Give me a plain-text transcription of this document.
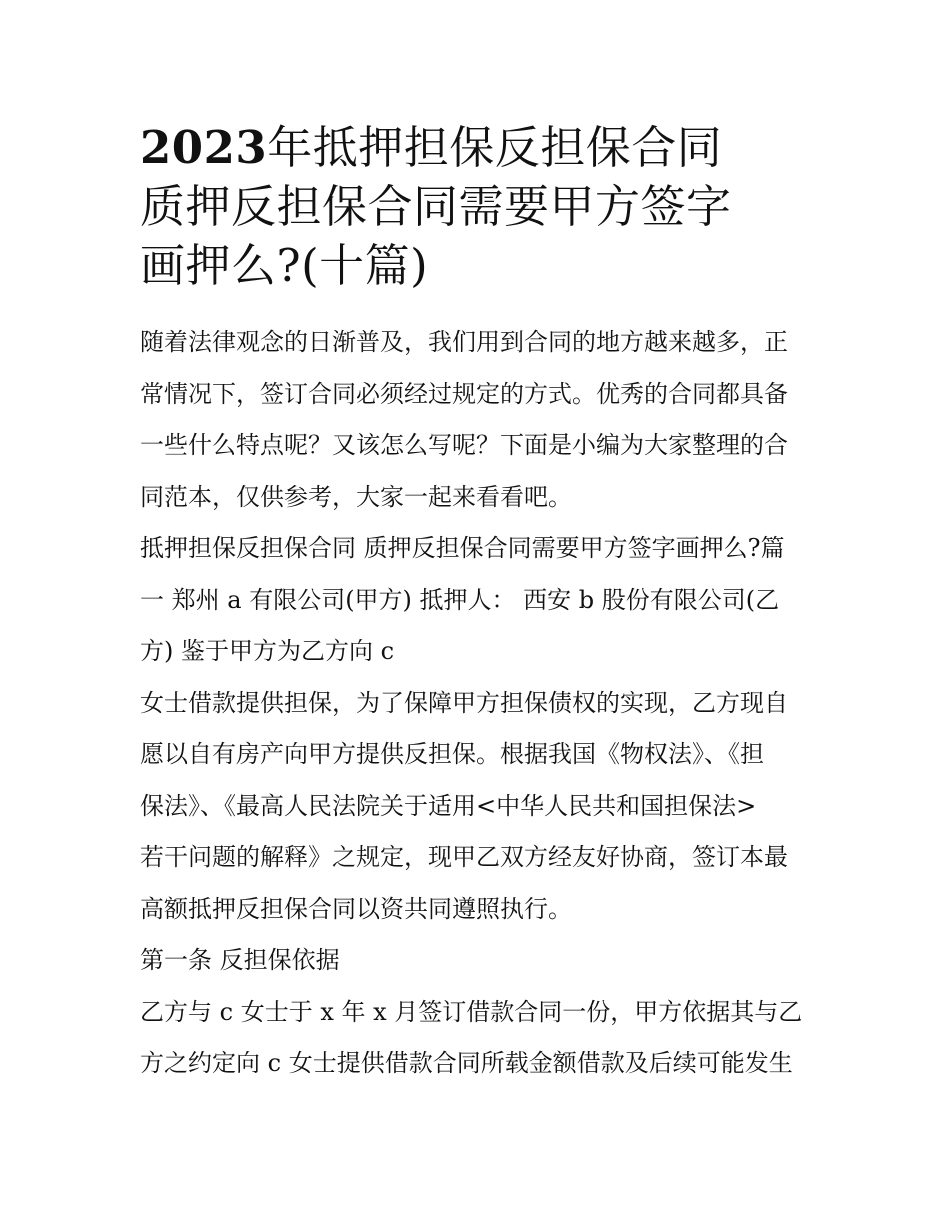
2023年抵押担保反担保合同
质押反担保合同需要甲方签字
画押么?(十篇)

随着法律观念的日渐普及，我们用到合同的地方越来越多，正
常情况下，签订合同必须经过规定的方式。优秀的合同都具备
一些什么特点呢？又该怎么写呢？下面是小编为大家整理的合
同范本，仅供参考，大家一起来看看吧。

抵押担保反担保合同 质押反担保合同需要甲方签字画押么?篇
一 郑州 a 有限公司(甲方) 抵押人： 西安 b 股份有限公司(乙
方) 鉴于甲方为乙方向 c

女士借款提供担保，为了保障甲方担保债权的实现，乙方现自
愿以自有房产向甲方提供反担保。根据我国《物权法》、《担
保法》、《最高人民法院关于适用<中华人民共和国担保法>
若干问题的解释》之规定，现甲乙双方经友好协商，签订本最
高额抵押反担保合同以资共同遵照执行。

第一条 反担保依据

乙方与 c 女士于 x 年 x 月签订借款合同一份，甲方依据其与乙
方之约定向 c 女士提供借款合同所载金额借款及后续可能发生
